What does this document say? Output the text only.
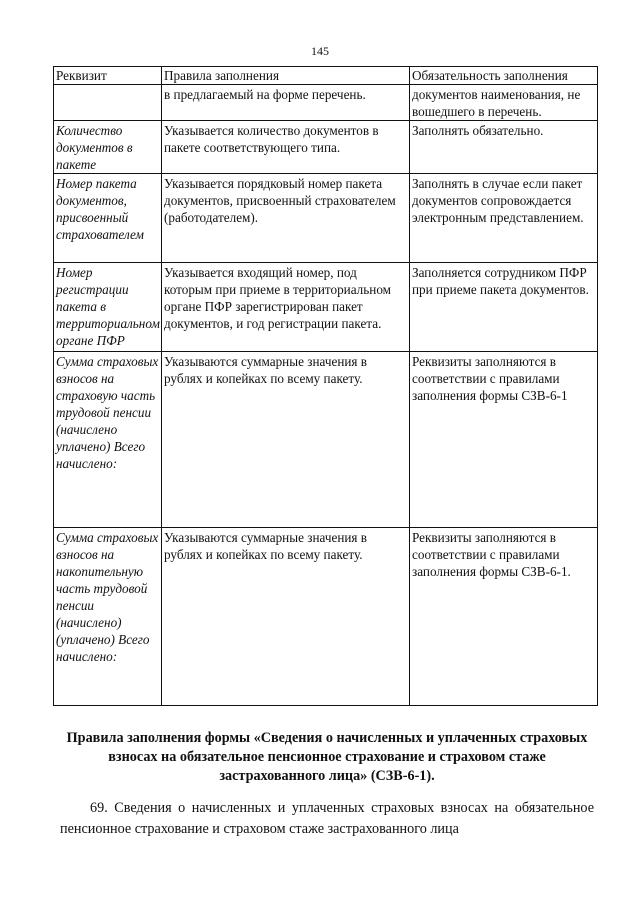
145
Реквизит	Правила заполнения	Обязательность заполнения
	в предлагаемый на форме перечень.	документов наименования, не вошедшего в перечень.
Количество документов в пакете	Указывается количество документов в пакете соответствующего типа.	Заполнять обязательно.
Номер пакета документов, присвоенный страхователем	Указывается порядковый номер пакета документов, присвоенный страхователем (работодателем).	Заполнять в случае если пакет документов сопровождается электронным представлением.
Номер регистрации пакета в территориальном органе ПФР	Указывается входящий номер, под которым при приеме в территориальном органе ПФР зарегистрирован пакет документов, и год регистрации пакета.	Заполняется сотрудником ПФР при приеме пакета документов.
Сумма страховых взносов на страховую часть трудовой пенсии (начислено уплачено) Всего начислено:	Указываются суммарные значения в рублях и копейках по всему пакету.	Реквизиты заполняются в соответствии с правилами заполнения формы СЗВ-6-1
Сумма страховых взносов на накопительную часть трудовой пенсии (начислено) (уплачено) Всего начислено:	Указываются суммарные значения в рублях и копейках по всему пакету.	Реквизиты заполняются в соответствии с правилами заполнения формы СЗВ-6-1.
Правила заполнения формы «Сведения о начисленных и уплаченных страховых взносах на обязательное пенсионное страхование и страховом стаже застрахованного лица» (СЗВ-6-1).
69. Сведения о начисленных и уплаченных страховых взносах на обязательное пенсионное страхование и страховом стаже застрахованного лица
